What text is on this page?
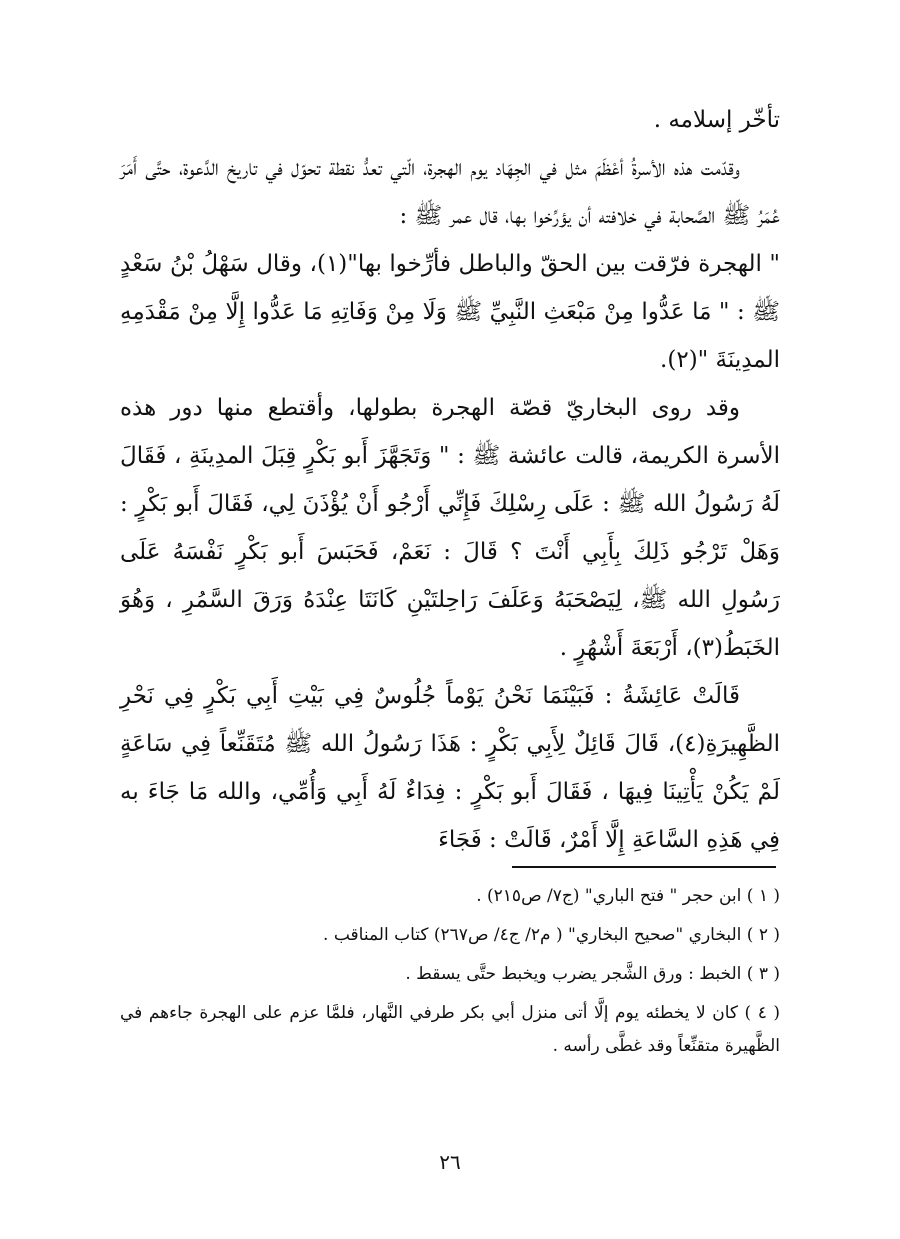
تأخّر إسلامه .

وقدّمت هذه الأسرةُ أعْظَمَ مثل في الجِهَاد يوم الهجرة، الّتي تعدُّ نقطة تحوّل في تاريخ الدَّعوة، حتَّى أَمَرَ عُمَرُ ﷺ الصَّحابة في خلافته أن يؤرِّخوا بها، قال عمر ﷺ :

" الهجرة فرّقت بين الحقّ والباطل فأرِّخوا بها"(١)، وقال سَهْلُ بْنُ سَعْدٍ ﷺ : " مَا عَدُّوا مِنْ مَبْعَثِ النَّبِيِّ ﷺ وَلَا مِنْ وَفَاتِهِ مَا عَدُّوا إِلَّا مِنْ مَقْدَمِهِ المدِينَةَ "(٢).

وقد روى البخاريّ قصّة الهجرة بطولها، وأقتطع منها دور هذه الأسرة الكريمة، قالت عائشة ﷺ : " وَتَجَهَّزَ أَبو بَكْرٍ قِبَلَ المدِينَةِ ، فَقَالَ لَهُ رَسُولُ الله ﷺ : عَلَى رِسْلِكَ فَإِنِّي أَرْجُو أَنْ يُؤْذَنَ لِي، فَقَالَ أَبو بَكْرٍ : وَهَلْ تَرْجُو ذَلِكَ بِأَبِي أَنْتَ ؟ قَالَ : نَعَمْ، فَحَبَسَ أَبو بَكْرٍ نَفْسَهُ عَلَى رَسُولِ الله ﷺ، لِيَصْحَبَهُ وَعَلَفَ رَاحِلتَيْنِ كَانَتَا عِنْدَهُ وَرَقَ السَّمُرِ ، وَهُوَ الخَبَطُ(٣)، أَرْبَعَةَ أَشْهُرٍ .

قَالَتْ عَائِشَةُ : فَبَيْنَمَا نَحْنُ يَوْماً جُلُوسٌ فِي بَيْتِ أَبِي بَكْرٍ فِي نَحْرِ الظَّهِيرَةِ(٤)، قَالَ قَائِلٌ لِأَبِي بَكْرٍ : هَذَا رَسُولُ الله ﷺ مُتَقَنِّعاً فِي سَاعَةٍ لَمْ يَكُنْ يَأْتِينَا فِيهَا ، فَقَالَ أَبو بَكْرٍ : فِدَاءٌ لَهُ أَبِي وَأُمِّي، والله مَا جَاءَ به فِي هَذِهِ السَّاعَةِ إِلَّا أَمْرٌ، قَالَتْ : فَجَاءَ

( ١ ) ابن حجر " فتح الباري" (ج٧/ ص٢١٥) .

( ٢ ) البخاري "صحيح البخاري" ( م٢/ ج٤/ ص٢٦٧) كتاب المناقب .

( ٣ ) الخبط : ورق الشَّجر يضرب ويخبط حتَّى يسقط .

( ٤ ) كان لا يخطئه يوم إلَّا أتى منزل أبي بكر طرفي النَّهار، فلمَّا عزم على الهجرة جاءهم في الظَّهيرة متقنِّعاً وقد غطَّى رأسه .

٢٦
